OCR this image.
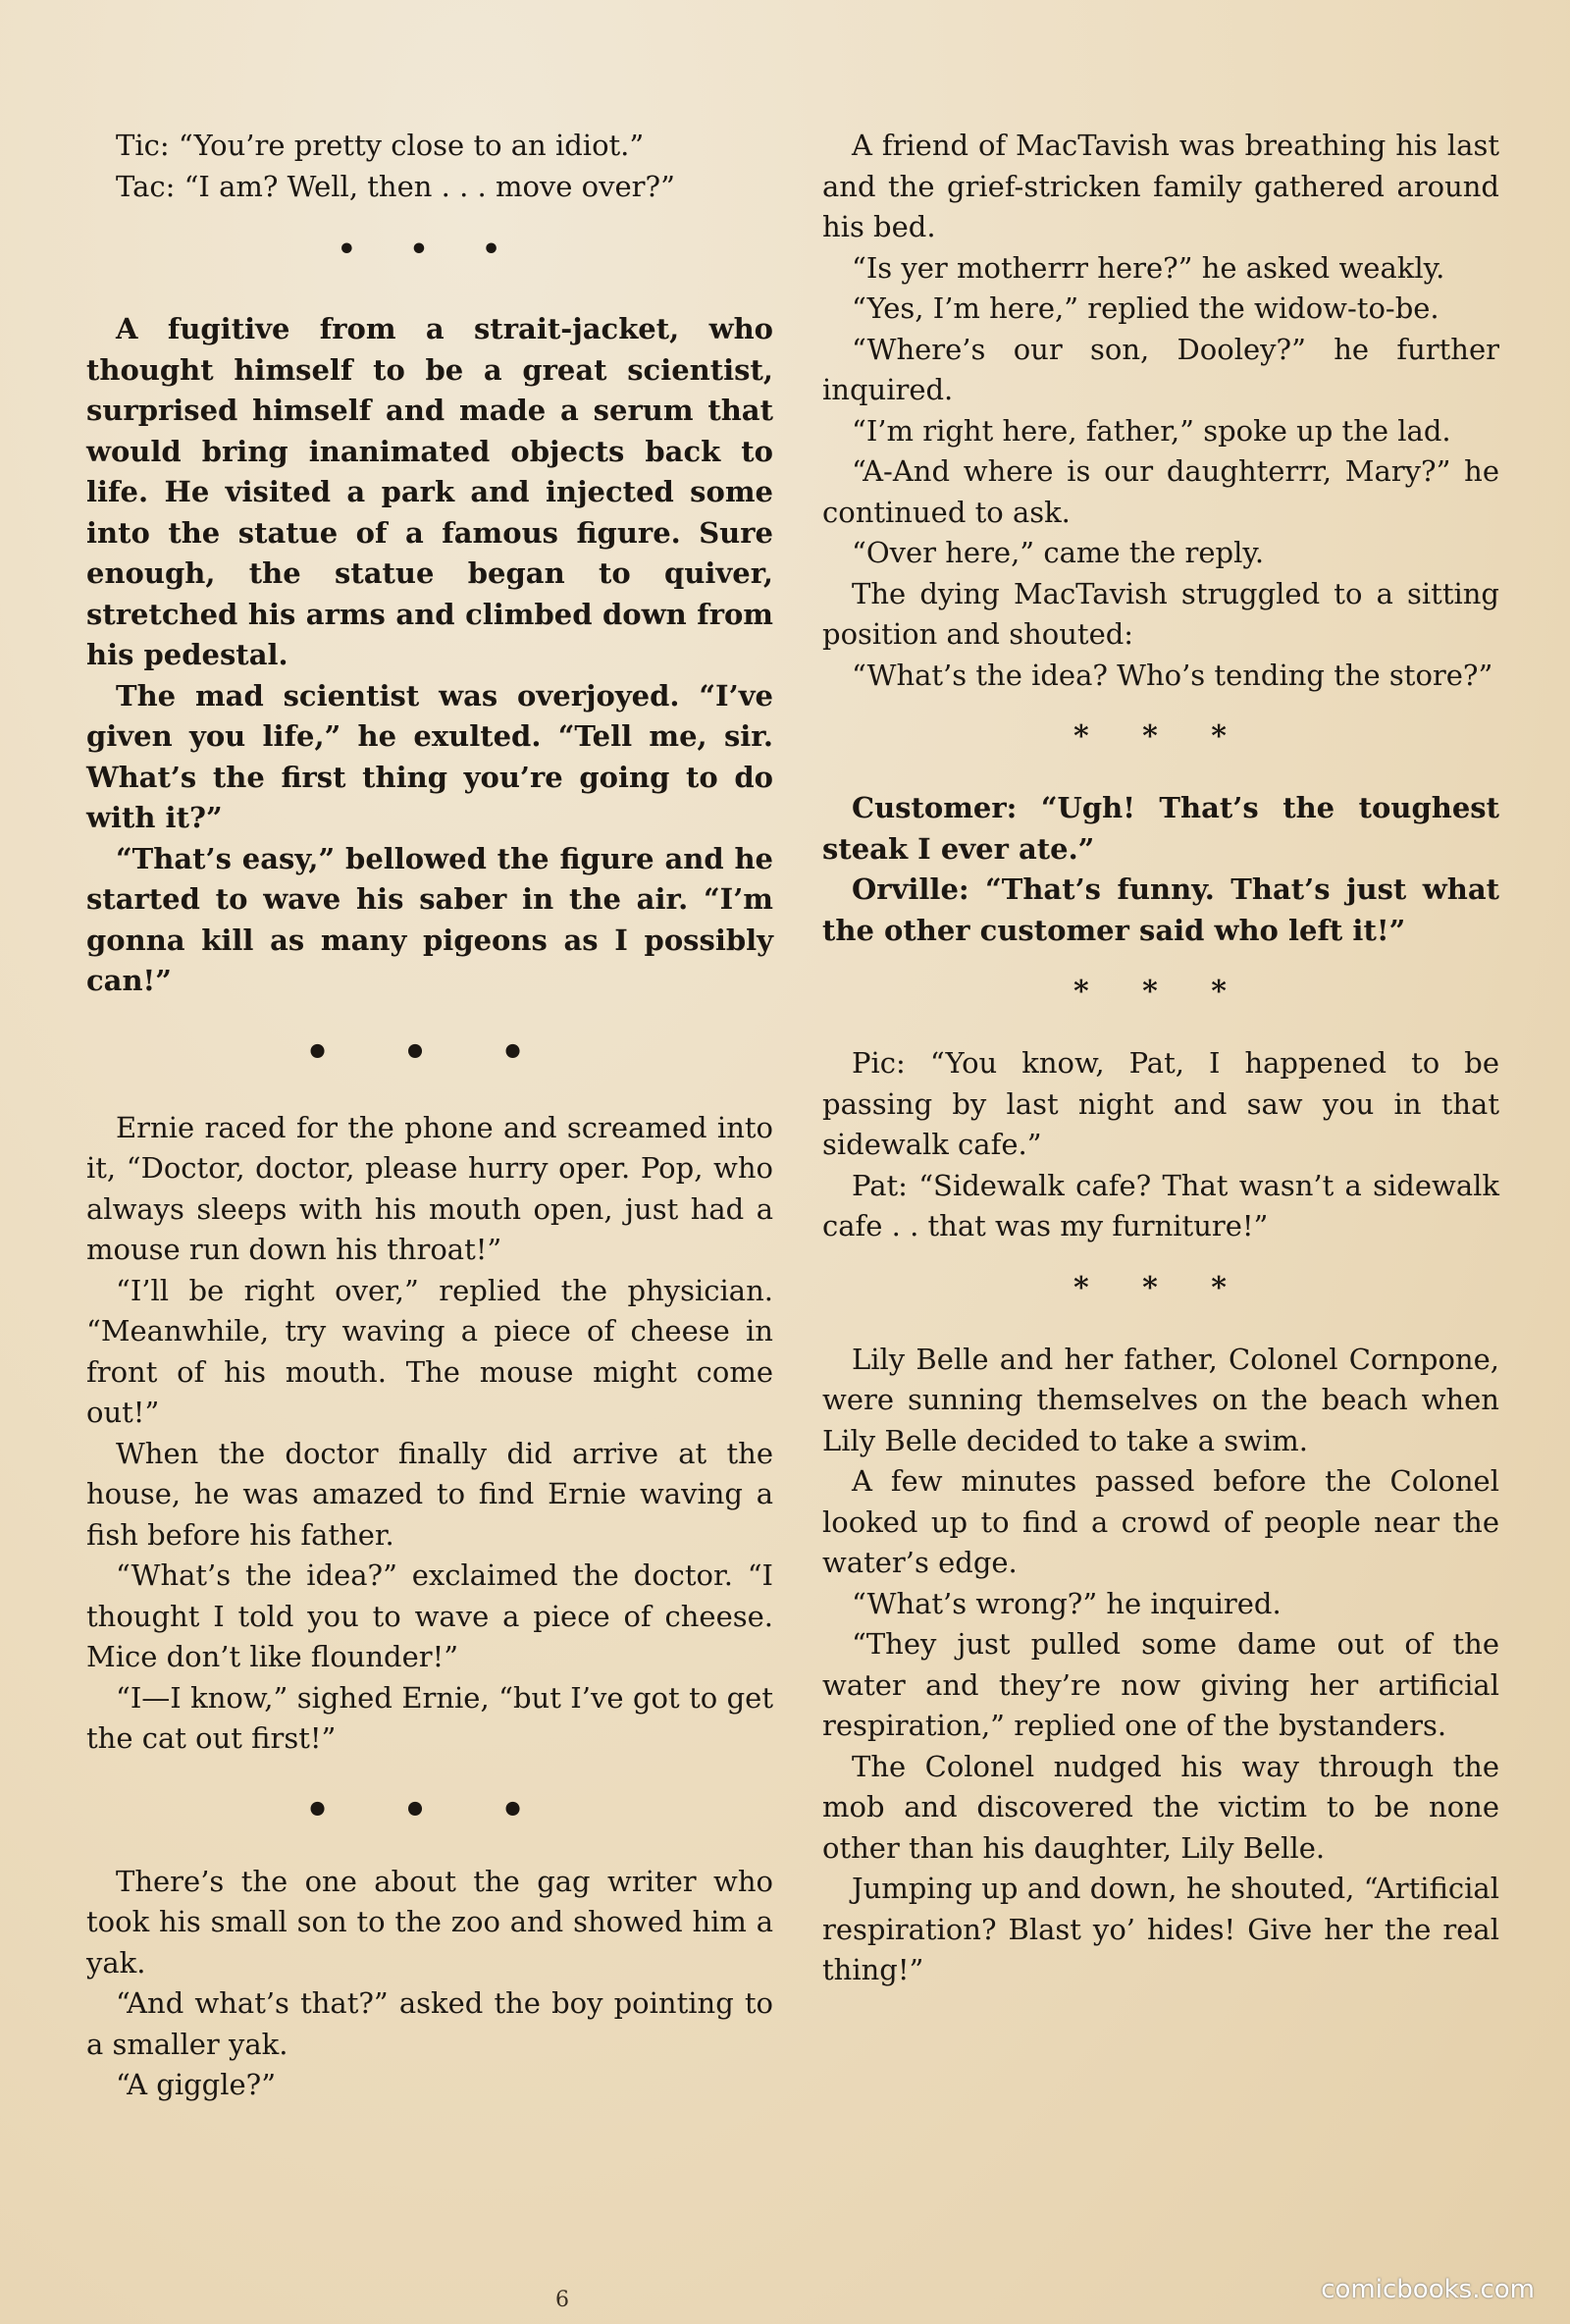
Tic: “You’re pretty close to an idiot.”

Tac: “I am? Well, then . . . move over?”

• • •

A fugitive from a strait-jacket, who thought himself to be a great scientist, surprised himself and made a serum that would bring inanimated objects back to life. He visited a park and injected some into the statue of a famous figure. Sure enough, the statue began to quiver, stretched his arms and climbed down from his pedestal.

The mad scientist was overjoyed. “I’ve given you life,” he exulted. “Tell me, sir. What’s the first thing you’re going to do with it?”

“That’s easy,” bellowed the figure and he started to wave his saber in the air. “I’m gonna kill as many pigeons as I possibly can!”

• • •

Ernie raced for the phone and screamed into it, “Doctor, doctor, please hurry oper. Pop, who always sleeps with his mouth open, just had a mouse run down his throat!”

“I’ll be right over,” replied the physician. “Meanwhile, try waving a piece of cheese in front of his mouth. The mouse might come out!”

When the doctor finally did arrive at the house, he was amazed to find Ernie waving a fish before his father.

“What’s the idea?” exclaimed the doctor. “I thought I told you to wave a piece of cheese. Mice don’t like flounder!”

“I—I know,” sighed Ernie, “but I’ve got to get the cat out first!”

• • •

There’s the one about the gag writer who took his small son to the zoo and showed him a yak.

“And what’s that?” asked the boy pointing to a smaller yak.

“A giggle?”

A friend of MacTavish was breathing his last and the grief-stricken family gathered around his bed.

“Is yer motherrr here?” he asked weakly.

“Yes, I’m here,” replied the widow-to-be.

“Where’s our son, Dooley?” he further inquired.

“I’m right here, father,” spoke up the lad.

“A-And where is our daughterrr, Mary?” he continued to ask.

“Over here,” came the reply.

The dying MacTavish struggled to a sitting position and shouted:

“What’s the idea? Who’s tending the store?”

* * *

Customer: “Ugh! That’s the toughest steak I ever ate.”

Orville: “That’s funny. That’s just what the other customer said who left it!”

* * *

Pic: “You know, Pat, I happened to be passing by last night and saw you in that sidewalk cafe.”

Pat: “Sidewalk cafe? That wasn’t a sidewalk cafe . . that was my furniture!”

* * *

Lily Belle and her father, Colonel Cornpone, were sunning themselves on the beach when Lily Belle decided to take a swim.

A few minutes passed before the Colonel looked up to find a crowd of people near the water’s edge.

“What’s wrong?” he inquired.

“They just pulled some dame out of the water and they’re now giving her artificial respiration,” replied one of the bystanders.

The Colonel nudged his way through the mob and discovered the victim to be none other than his daughter, Lily Belle.

Jumping up and down, he shouted, “Artificial respiration? Blast yo’ hides! Give her the real thing!”

6	comicbooks.com
